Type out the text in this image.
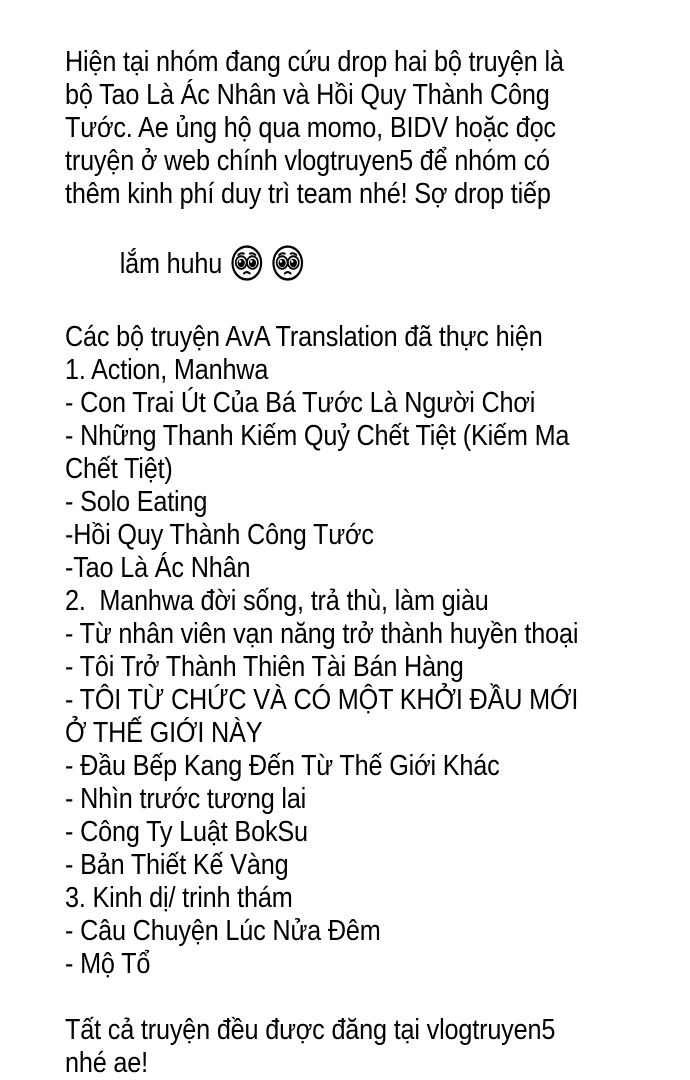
Hiện tại nhóm đang cứu drop hai bộ truyện là
bộ Tao Là Ác Nhân và Hồi Quy Thành Công
Tước. Ae ủng hộ qua momo, BIDV hoặc đọc
truyện ở web chính vlogtruyen5 để nhóm có
thêm kinh phí duy trì team nhé! Sợ drop tiếp

lắm huhu

Các bộ truyện AvA Translation đã thực hiện
1. Action, Manhwa
- Con Trai Út Của Bá Tước Là Người Chơi
- Những Thanh Kiếm Quỷ Chết Tiệt (Kiếm Ma
Chết Tiệt)
- Solo Eating
-Hồi Quy Thành Công Tước
-Tao Là Ác Nhân
2.  Manhwa đời sống, trả thù, làm giàu
- Từ nhân viên vạn năng trở thành huyền thoại
- Tôi Trở Thành Thiên Tài Bán Hàng
- TÔI TỪ CHỨC VÀ CÓ MỘT KHỞI ĐẦU MỚI
Ở THẾ GIỚI NÀY
- Đầu Bếp Kang Đến Từ Thế Giới Khác
- Nhìn trước tương lai
- Công Ty Luật BokSu
- Bản Thiết Kế Vàng
3. Kinh dị/ trinh thám
- Câu Chuyện Lúc Nửa Đêm
- Mộ Tổ
Tất cả truyện đều được đăng tại vlogtruyen5
nhé ae!
